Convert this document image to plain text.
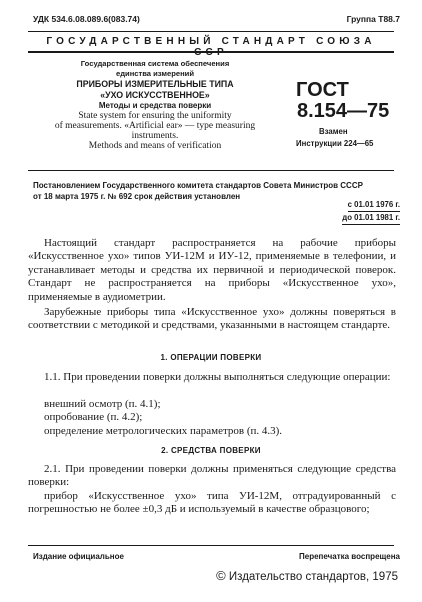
УДК 534.6.08.089.6(083.74)	Группа Т88.7
ГОСУДАРСТВЕННЫЙ СТАНДАРТ СОЮЗА
Государственная система обеспечения
единства измерений
ПРИБОРЫ ИЗМЕРИТЕЛЬНЫЕ ТИПА
«УХО ИСКУССТВЕННОЕ»
Методы и средства поверки
State system for ensuring the uniformity
of measurements. «Artificial ear» — type measuring
instruments.
Methods and means of verification
ГОСТ
8.154—75
Взамен
Инструкции 224—65
Постановлением Государственного комитета стандартов Совета Министров СССР
от 18 марта 1975 г. № 692 срок действия установлен
с 01.01 1976 г.
до 01.01 1981 г.
Настоящий стандарт распространяется на рабочие приборы «Искусственное ухо» типов УИ-12М и ИУ-12, применяемые в телефонии, и устанавливает методы и средства их первичной и периодической поверок. Стандарт не распространяется на приборы «Искусственное ухо», применяемые в аудиометрии.
Зарубежные приборы типа «Искусственное ухо» должны поверяться в соответствии с методикой и средствами, указанными в настоящем стандарте.
1. ОПЕРАЦИИ ПОВЕРКИ
1.1. При проведении поверки должны выполняться следующие операции:
внешний осмотр (п. 4.1);
опробование (п. 4.2);
определение метрологических параметров (п. 4.3).
2. СРЕДСТВА ПОВЕРКИ
2.1. При проведении поверки должны применяться следующие средства поверки:
прибор «Искусственное ухо» типа УИ-12М, отградуированный с погрешностью не более ±0,3 дБ и используемый в качестве образцового;
Издание официальное	Перепечатка воспрещена
© Издательство стандартов, 1975
